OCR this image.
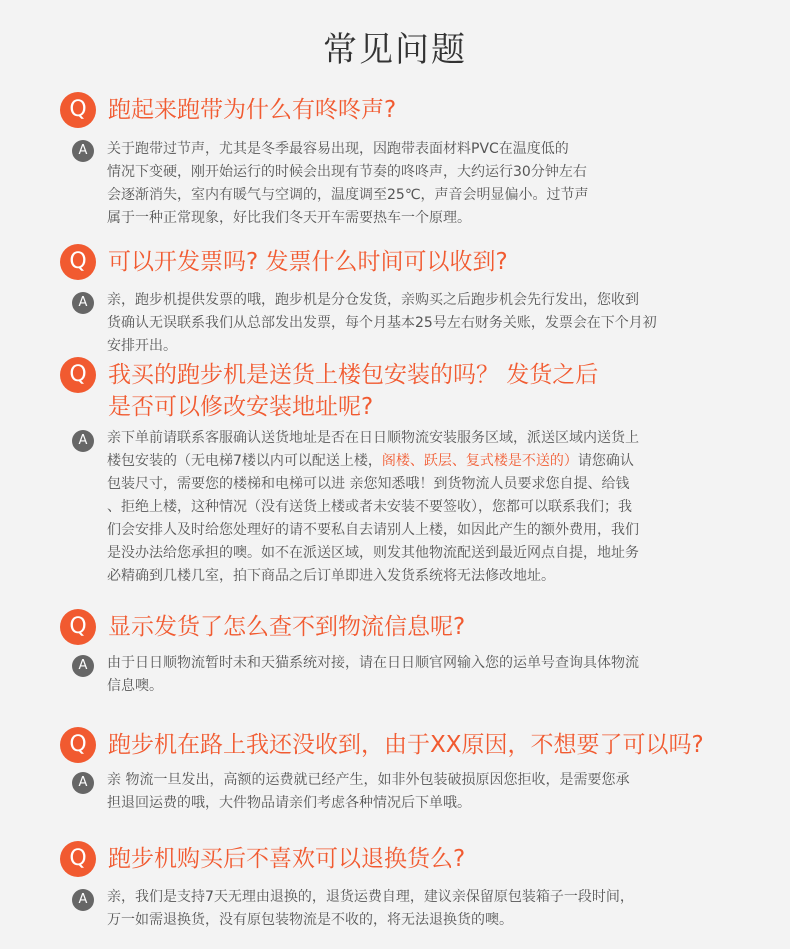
常见问题
Q 跑起来跑带为什么有咚咚声?
A	关于跑带过节声，尤其是冬季最容易出现，因跑带表面材料PVC在温度低的
情况下变硬，刚开始运行的时候会出现有节奏的咚咚声，大约运行30分钟左右
会逐渐消失，室内有暖气与空调的，温度调至25℃，声音会明显偏小。过节声
属于一种正常现象，好比我们冬天开车需要热车一个原理。
Q 可以开发票吗? 发票什么时间可以收到?
A	亲，跑步机提供发票的哦，跑步机是分仓发货，亲购买之后跑步机会先行发出，您收到
货确认无误联系我们从总部发出发票，每个月基本25号左右财务关账，发票会在下个月初
安排开出。
Q 我买的跑步机是送货上楼包安装的吗？ 发货之后
是否可以修改安装地址呢?
A	亲下单前请联系客服确认送货地址是否在日日顺物流安装服务区域，派送区域内送货上
楼包安装的（无电梯7楼以内可以配送上楼，阁楼、跃层、复式楼是不送的）请您确认
包装尺寸，需要您的楼梯和电梯可以进 亲您知悉哦！到货物流人员要求您自提、给钱
、拒绝上楼，这种情况（没有送货上楼或者未安装不要签收），您都可以联系我们；我
们会安排人及时给您处理好的请不要私自去请别人上楼，如因此产生的额外费用，我们
是没办法给您承担的噢。如不在派送区域，则发其他物流配送到最近网点自提，地址务
必精确到几楼几室，拍下商品之后订单即进入发货系统将无法修改地址。
Q 显示发货了怎么查不到物流信息呢?
A	由于日日顺物流暂时未和天猫系统对接，请在日日顺官网输入您的运单号查询具体物流
信息噢。
Q 跑步机在路上我还没收到，由于XX原因，不想要了可以吗?
A	亲 物流一旦发出，高额的运费就已经产生，如非外包装破损原因您拒收，是需要您承
担退回运费的哦，大件物品请亲们考虑各种情况后下单哦。
Q 跑步机购买后不喜欢可以退换货么?
A	亲，我们是支持7天无理由退换的，退货运费自理，建议亲保留原包装箱子一段时间，
万一如需退换货，没有原包装物流是不收的，将无法退换货的噢。
